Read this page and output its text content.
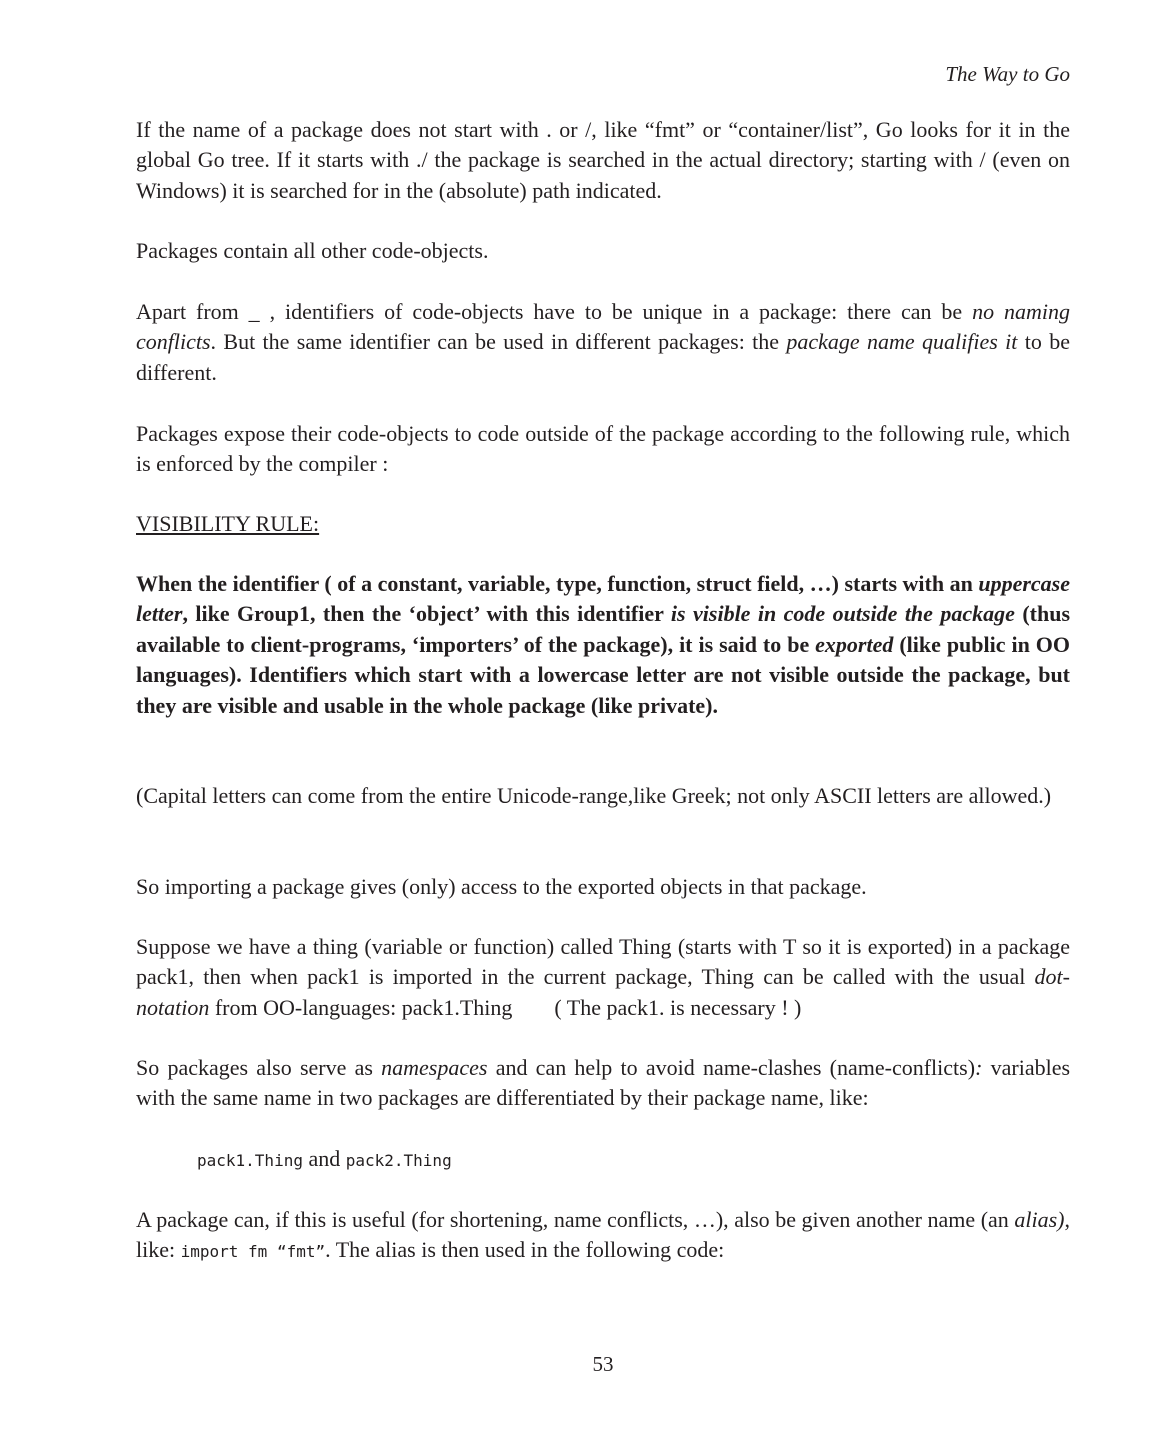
The Way to Go

If the name of a package does not start with . or /, like “fmt” or “container/list”, Go looks for it in the global Go tree. If it starts with ./ the package is searched in the actual directory; starting with / (even on Windows) it is searched for in the (absolute) path indicated.

Packages contain all other code-objects.

Apart from _ , identifiers of code-objects have to be unique in a package: there can be no naming conflicts. But the same identifier can be used in different packages: the package name qualifies it to be different.

Packages expose their code-objects to code outside of the package according to the following rule, which is enforced by the compiler :

VISIBILITY RULE:

When the identifier ( of a constant, variable, type, function, struct field, …) starts with an uppercase letter, like Group1, then the ‘object’ with this identifier is visible in code outside the package (thus available to client-programs, ‘importers’ of the package), it is said to be exported (like public in OO languages). Identifiers which start with a lowercase letter are not visible outside the package, but they are visible and usable in the whole package (like private).

(Capital letters can come from the entire Unicode-range,like Greek; not only ASCII letters are allowed.)

So importing a package gives (only) access to the exported objects in that package.

Suppose we have a thing (variable or function) called Thing (starts with T so it is exported) in a package pack1, then when pack1 is imported in the current package, Thing can be called with the usual dot-notation from OO-languages: pack1.Thing ( The pack1. is necessary ! )

So packages also serve as namespaces and can help to avoid name-clashes (name-conflicts): variables with the same name in two packages are differentiated by their package name, like:

pack1.Thing and pack2.Thing

A package can, if this is useful (for shortening, name conflicts, …), also be given another name (an alias), like: import fm “fmt”. The alias is then used in the following code:

53
